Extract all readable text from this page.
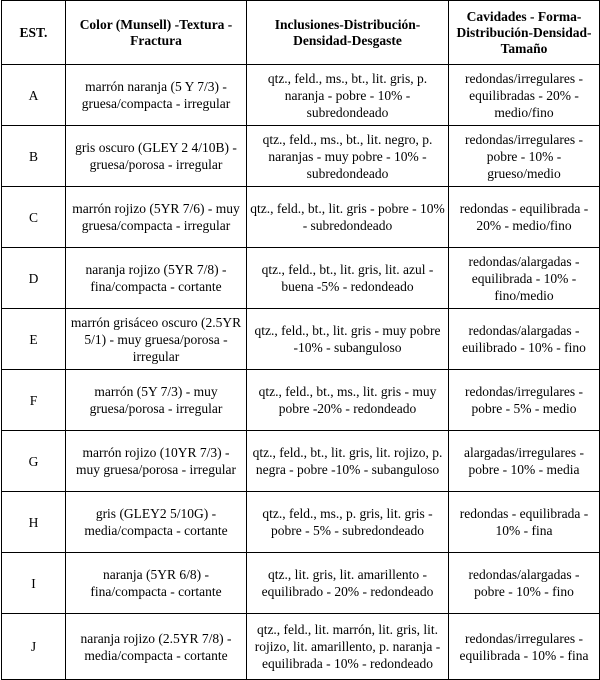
EST.	Color (Munsell) -Textura - Fractura	Inclusiones-Distribución-Densidad-Desgaste	Cavidades - Forma-Distribución-Densidad-Tamaño
A	marrón naranja (5 Y 7/3) - gruesa/compacta - irregular	qtz., feld., ms., bt., lit. gris, p. naranja - pobre - 10% - subredondeado	redondas/irregulares - equilibradas - 20% - medio/fino
B	gris oscuro (GLEY 2 4/10B) - gruesa/porosa - irregular	qtz., feld., ms., bt., lit. negro, p. naranjas - muy pobre - 10% - subredondeado	redondas/irregulares - pobre - 10% - grueso/medio
C	marrón rojizo (5YR 7/6) - muy gruesa/compacta - irregular	qtz., feld., bt., lit. gris - pobre - 10% - subredondeado	redondas - equilibrada - 20% - medio/fino
D	naranja rojizo (5YR 7/8) - fina/compacta - cortante	qtz., feld., bt., lit. gris, lit. azul - buena -5% - redondeado	redondas/alargadas - equilibrada - 10% - fino/medio
E	marrón grisáceo oscuro (2.5YR 5/1) - muy gruesa/porosa - irregular	qtz., feld., bt., lit. gris - muy pobre -10% - subanguloso	redondas/alargadas - euilibrado - 10% - fino
F	marrón (5Y 7/3) - muy gruesa/porosa - irregular	qtz., feld., bt., ms., lit. gris - muy pobre -20% - redondeado	redondas/irregulares - pobre - 5% - medio
G	marrón rojizo (10YR 7/3) - muy gruesa/porosa - irregular	qtz., feld., bt., lit. gris, lit. rojizo, p. negra - pobre -10% - subanguloso	alargadas/irregulares - pobre - 10% - media
H	gris (GLEY2 5/10G) - media/compacta - cortante	qtz., feld., ms., p. gris, lit. gris - pobre - 5% - subredondeado	redondas - equilibrada - 10% - fina
I	naranja (5YR 6/8) - fina/compacta - cortante	qtz., lit. gris, lit. amarillento - equilibrado - 20% - redondeado	redondas/alargadas - pobre - 10% - fino
J	naranja rojizo (2.5YR 7/8) - media/compacta - cortante	qtz., feld., lit. marrón, lit. gris, lit. rojizo, lit. amarillento, p. naranja - equilibrada - 10% - redondeado	redondas/irregulares - equilibrada - 10% - fina
